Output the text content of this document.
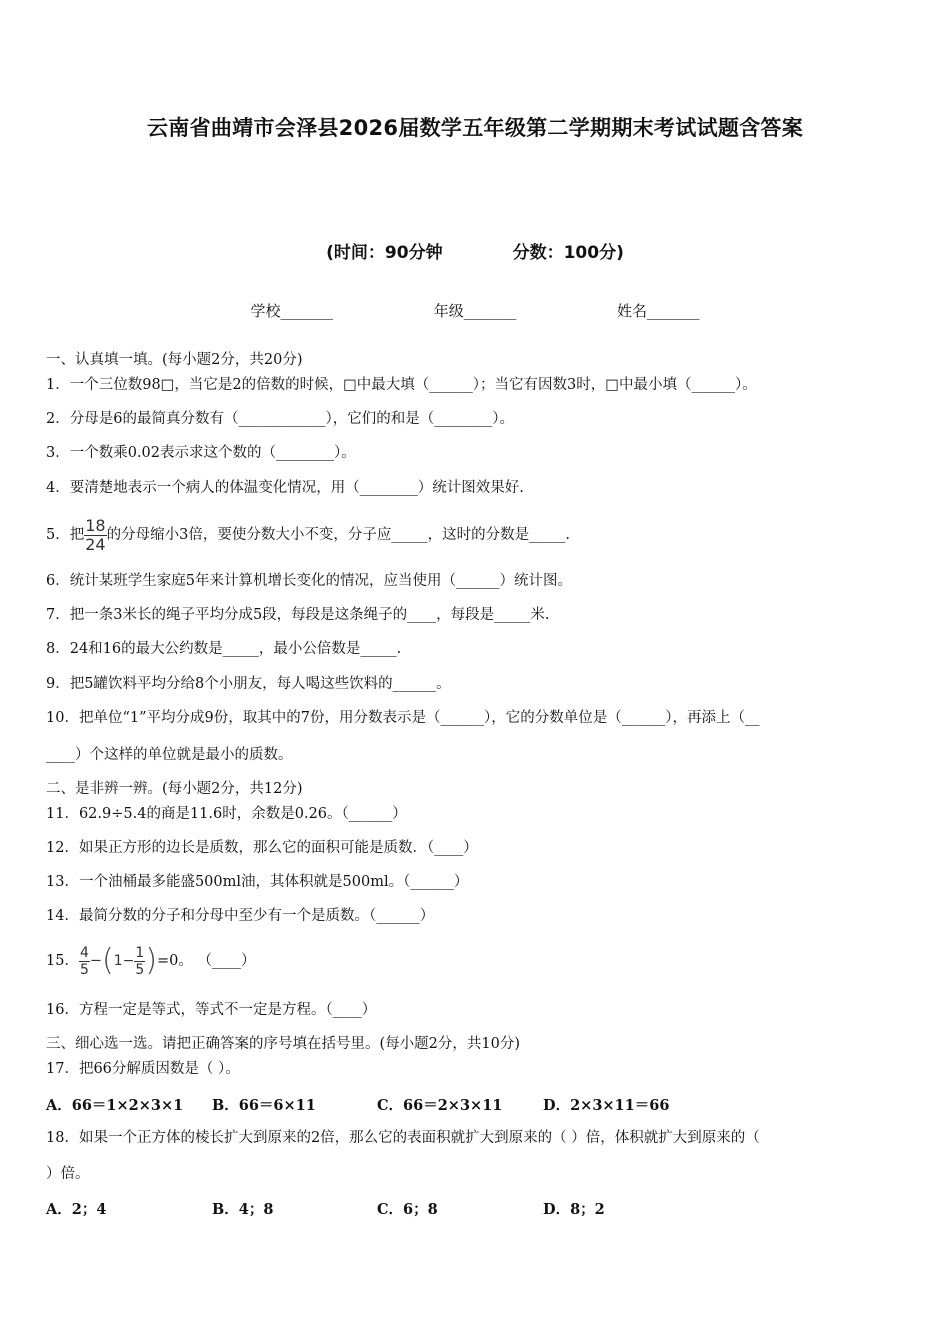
云南省曲靖市会泽县2026届数学五年级第二学期期末考试试题含答案
(时间：90分钟	分数：100分)
学校_______	年级_______	姓名_______
一、认真填一填。(每小题2分，共20分)
1．一个三位数98□，当它是2的倍数的时候，□中最大填（______）；当它有因数3时，□中最小填（______）。
2．分母是6的最简真分数有（____________），它们的和是（________）。
3．一个数乘0.02表示求这个数的（________）。
4．要清楚地表示一个病人的体温变化情况，用（________）统计图效果好.
5．把 $\frac{18}{24}$ 的分母缩小3倍，要使分数大小不变，分子应_____，这时的分数是_____.
6．统计某班学生家庭5年来计算机增长变化的情况，应当使用（______）统计图。
7．把一条3米长的绳子平均分成5段，每段是这条绳子的____，每段是_____米.
8．24和16的最大公约数是_____，最小公倍数是_____.
9．把5罐饮料平均分给8个小朋友，每人喝这些饮料的______。
10．把单位“1”平均分成9份，取其中的7份，用分数表示是（______），它的分数单位是（______），再添上（__
____）个这样的单位就是最小的质数。
二、是非辨一辨。(每小题2分，共12分)
11．62.9÷5.4的商是11.6时，余数是0.26。（______）
12．如果正方形的边长是质数，那么它的面积可能是质数．（____）
13．一个油桶最多能盛500ml油，其体积就是500ml。（______）
14．最简分数的分子和分母中至少有一个是质数。（______）
15． $\frac{4}{5} -(1- \frac{1}{5} )=0$。 （____）
16．方程一定是等式，等式不一定是方程。（____）
三、细心选一选。请把正确答案的序号填在括号里。(每小题2分，共10分)
17．把66分解质因数是（ ）。
A．66＝1×2×3×1 B．66＝6×11	C．66＝2×3×11	D．2×3×11＝66
18．如果一个正方体的棱长扩大到原来的2倍，那么它的表面积就扩大到原来的（ ）倍，体积就扩大到原来的（
）倍。
A．2；4	B．4；8	C．6；8	D．8；2
